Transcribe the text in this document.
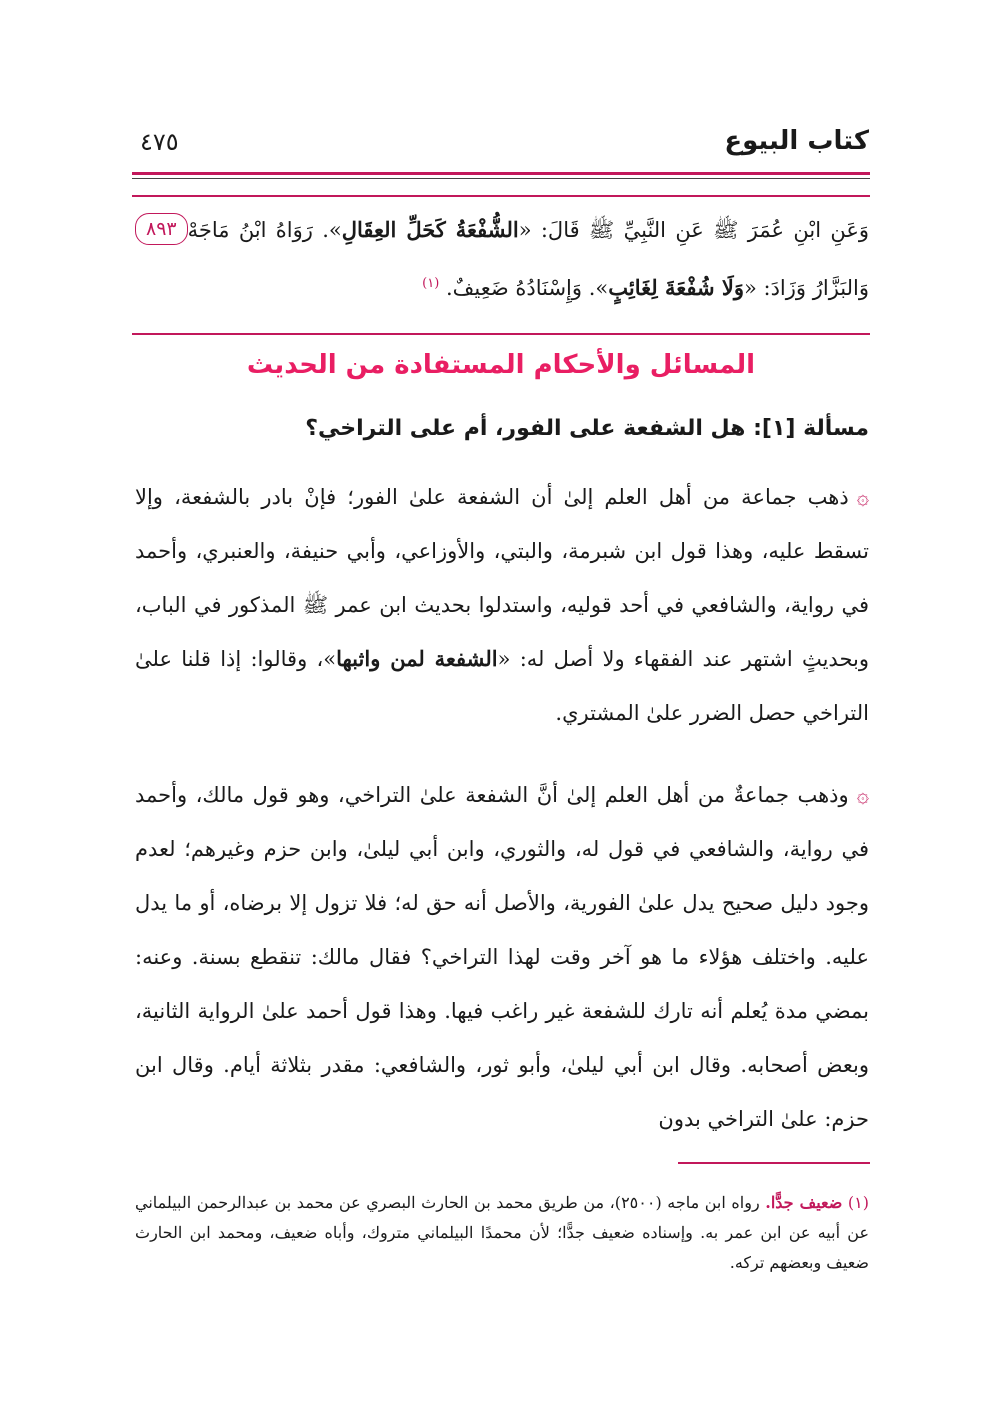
كتاب البيوع
٤٧٥
٨٩٣	وَعَنِ ابْنِ عُمَرَ ﷺ عَنِ النَّبِيِّ ﷺ قَالَ: «الشُّفْعَةُ كَحَلِّ العِقَالِ». رَوَاهُ ابْنُ مَاجَهْ وَالبَزَّارُ وَزَادَ: «وَلَا شُفْعَةَ لِغَائِبٍ». وَإِسْنَادُهُ ضَعِيفٌ. $^{(١)}$
المسائل والأحكام المستفادة من الحديث
مسألة [١]: هل الشفعة على الفور، أم على التراخي؟
۞ذهب جماعة من أهل العلم إلىٰ أن الشفعة علىٰ الفور؛ فإنْ بادر بالشفعة، وإلا تسقط عليه، وهذا قول ابن شبرمة، والبتي، والأوزاعي، وأبي حنيفة، والعنبري، وأحمد في رواية، والشافعي في أحد قوليه، واستدلوا بحديث ابن عمر ﷺ المذكور في الباب، وبحديثٍ اشتهر عند الفقهاء ولا أصل له: «الشفعة لمن واثبها»، وقالوا: إذا قلنا علىٰ التراخي حصل الضرر علىٰ المشتري.
۞وذهب جماعةٌ من أهل العلم إلىٰ أنَّ الشفعة علىٰ التراخي، وهو قول مالك، وأحمد في رواية، والشافعي في قول له، والثوري، وابن أبي ليلىٰ، وابن حزم وغيرهم؛ لعدم وجود دليل صحيح يدل علىٰ الفورية، والأصل أنه حق له؛ فلا تزول إلا برضاه، أو ما يدل عليه. واختلف هؤلاء ما هو آخر وقت لهذا التراخي؟ فقال مالك: تنقطع بسنة. وعنه: بمضي مدة يُعلم أنه تارك للشفعة غير راغب فيها. وهذا قول أحمد علىٰ الرواية الثانية، وبعض أصحابه. وقال ابن أبي ليلىٰ، وأبو ثور، والشافعي: مقدر بثلاثة أيام. وقال ابن حزم: علىٰ التراخي بدون
(١) ضعيف جدًّا. رواه ابن ماجه (٢٥٠٠)، من طريق محمد بن الحارث البصري عن محمد بن عبدالرحمن البيلماني عن أبيه عن ابن عمر به. وإسناده ضعيف جدًّا؛ لأن محمدًا البيلماني متروك، وأباه ضعيف، ومحمد ابن الحارث ضعيف وبعضهم تركه.
